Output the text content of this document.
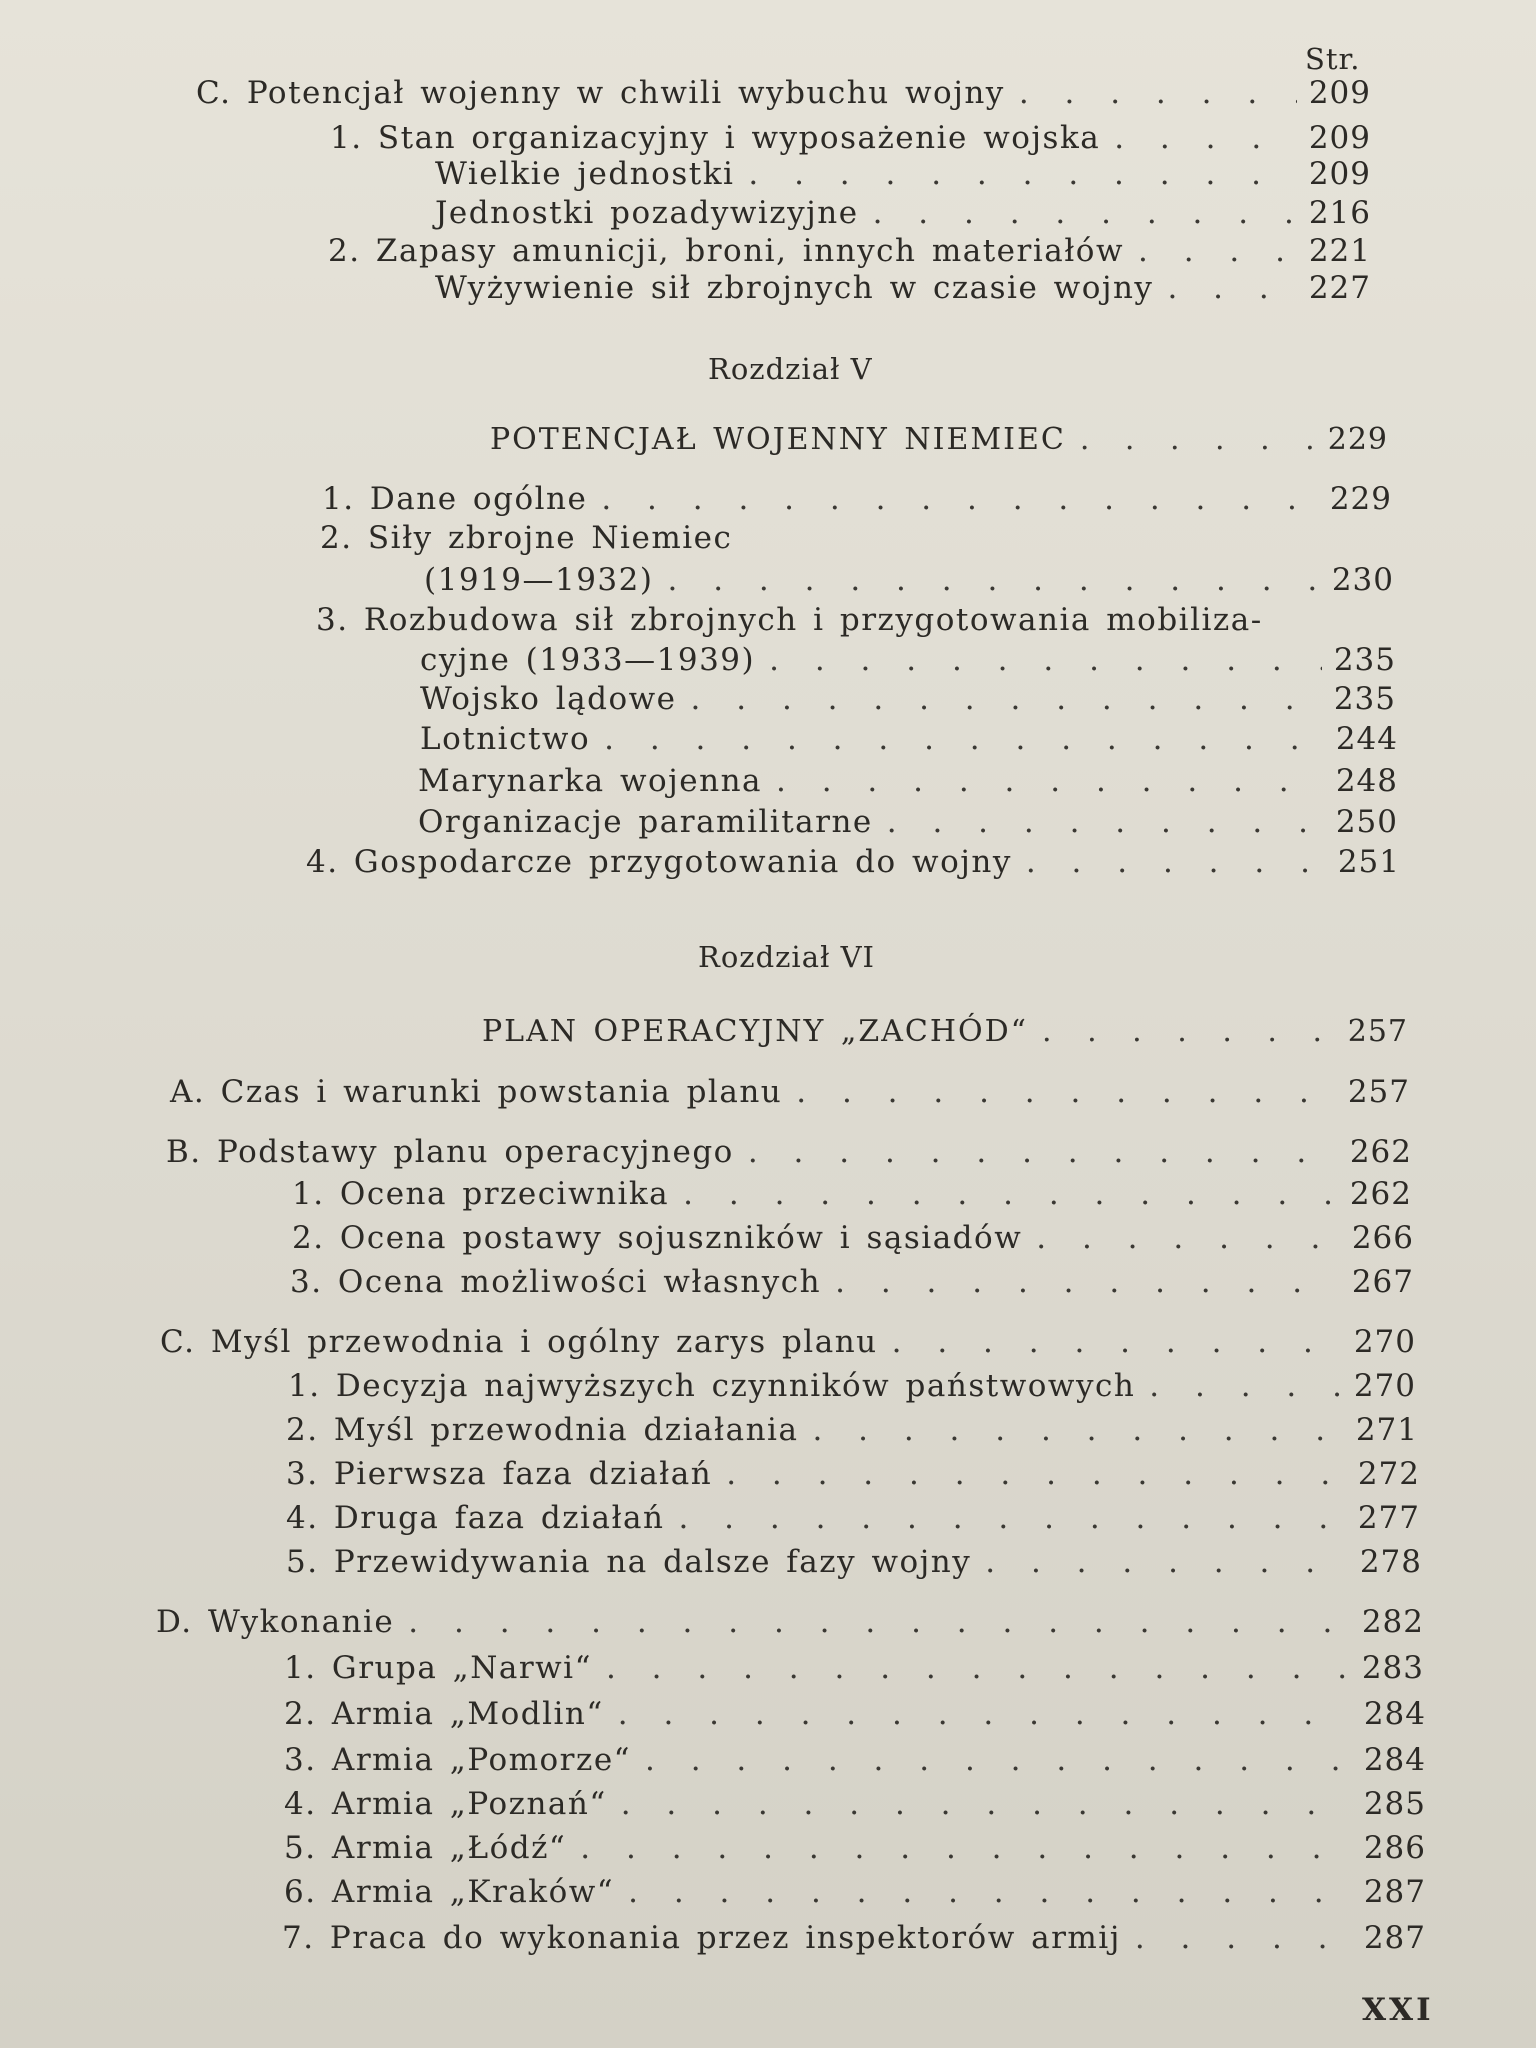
Str.
C. Potencjał wojenny w chwili wybuchu wojny . . .	209
1. Stan organizacyjny i wyposażenie wojska . . .	209
Wielkie jednostki . . .	209
Jednostki pozadywizyjne . . .	216
2. Zapasy amunicji, broni, innych materiałów . . .	221
Wyżywienie sił zbrojnych w czasie wojny . . .	227
Rozdział V
POTENCJAŁ WOJENNY NIEMIEC . . .	229
1. Dane ogólne . . .	229
2. Siły zbrojne Niemiec
(1919—1932) . . .	230
3. Rozbudowa sił zbrojnych i przygotowania mobiliza-
cyjne (1933—1939) . . .	235
Wojsko lądowe . . .	235
Lotnictwo . . .	244
Marynarka wojenna . . .	248
Organizacje paramilitarne . . .	250
4. Gospodarcze przygotowania do wojny . . .	251
Rozdział VI
PLAN OPERACYJNY „ZACHÓD“ . . .	257
A. Czas i warunki powstania planu . . .	257
B. Podstawy planu operacyjnego . . .	262
1. Ocena przeciwnika . . .	262
2. Ocena postawy sojuszników i sąsiadów . . .	266
3. Ocena możliwości własnych . . .	267
C. Myśl przewodnia i ogólny zarys planu . . .	270
1. Decyzja najwyższych czynników państwowych . . .	270
2. Myśl przewodnia działania . . .	271
3. Pierwsza faza działań . . .	272
4. Druga faza działań . . .	277
5. Przewidywania na dalsze fazy wojny . . .	278
D. Wykonanie . . .	282
1. Grupa „Narwi“ . . .	283
2. Armia „Modlin“ . . .	284
3. Armia „Pomorze“ . . .	284
4. Armia „Poznań“ . . .	285
5. Armia „Łódź“ . . .	286
6. Armia „Kraków“ . . .	287
7. Praca do wykonania przez inspektorów armij . . .	287
XXI
